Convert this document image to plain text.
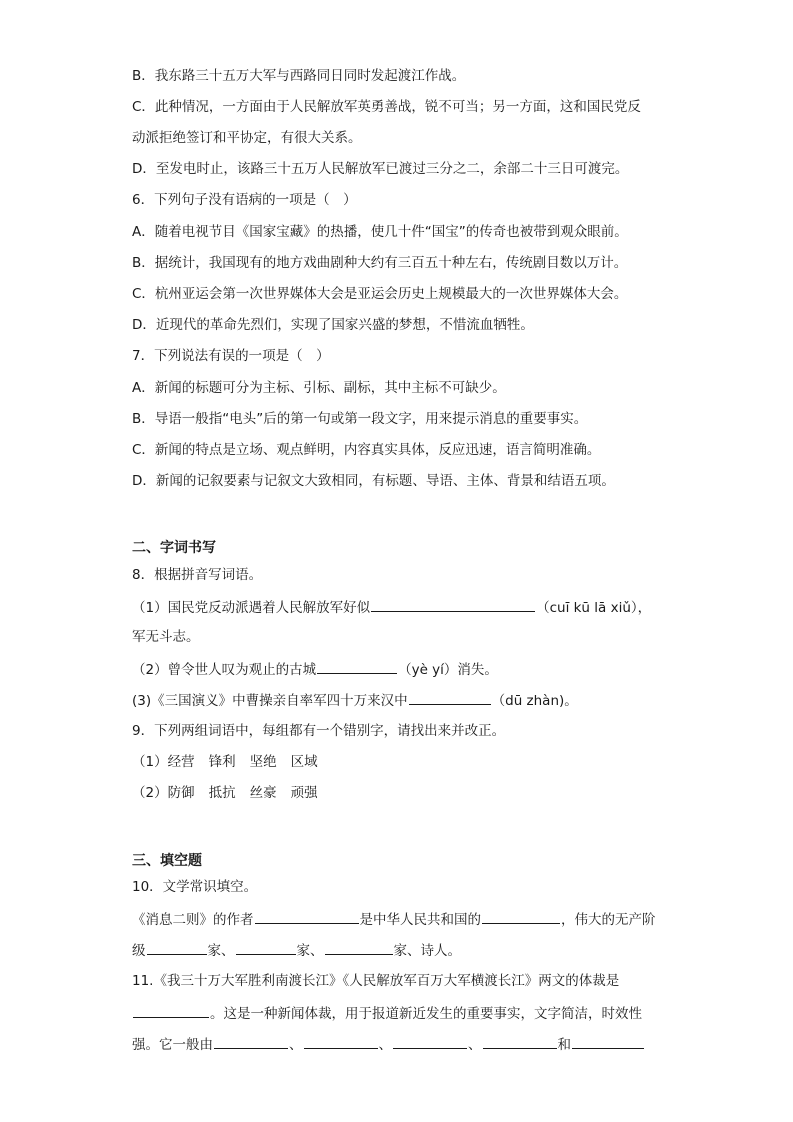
B．我东路三十五万大军与西路同日同时发起渡江作战。
C．此种情况，一方面由于人民解放军英勇善战，锐不可当；另一方面，这和国民党反
动派拒绝签订和平协定，有很大关系。
D．至发电时止，该路三十五万人民解放军已渡过三分之二，余部二十三日可渡完。
6．下列句子没有语病的一项是（　）
A．随着电视节目《国家宝藏》的热播，使几十件“国宝”的传奇也被带到观众眼前。
B．据统计，我国现有的地方戏曲剧种大约有三百五十种左右，传统剧目数以万计。
C．杭州亚运会第一次世界媒体大会是亚运会历史上规模最大的一次世界媒体大会。
D．近现代的革命先烈们，实现了国家兴盛的梦想，不惜流血牺牲。
7．下列说法有误的一项是（　）
A．新闻的标题可分为主标、引标、副标，其中主标不可缺少。
B．导语一般指“电头”后的第一句或第一段文字，用来提示消息的重要事实。
C．新闻的特点是立场、观点鲜明，内容真实具体，反应迅速，语言简明准确。
D．新闻的记叙要素与记叙文大致相同，有标题、导语、主体、背景和结语五项。
二、字词书写
8．根据拼音写词语。
（1）国民党反动派遇着人民解放军好似	（cuī kū lā xiǔ），
军无斗志。
（2）曾令世人叹为观止的古城	（yè yí）消失。
(3)《三国演义》中曹操亲自率军四十万来汉中	（dū zhàn)。
9．下列两组词语中，每组都有一个错别字，请找出来并改正。
（1）经营 锋利 坚绝 区域
（2）防御 抵抗 丝豪 顽强
三、填空题
10．文学常识填空。
《消息二则》的作者	是中华人民共和国的	，伟大的无产阶
级	家、	家、	家、诗人。
11.《我三十万大军胜利南渡长江》《人民解放军百万大军横渡长江》两文的体裁是
。这是一种新闻体裁，用于报道新近发生的重要事实，文字简洁，时效性
强。它一般由	、	、	、	和
